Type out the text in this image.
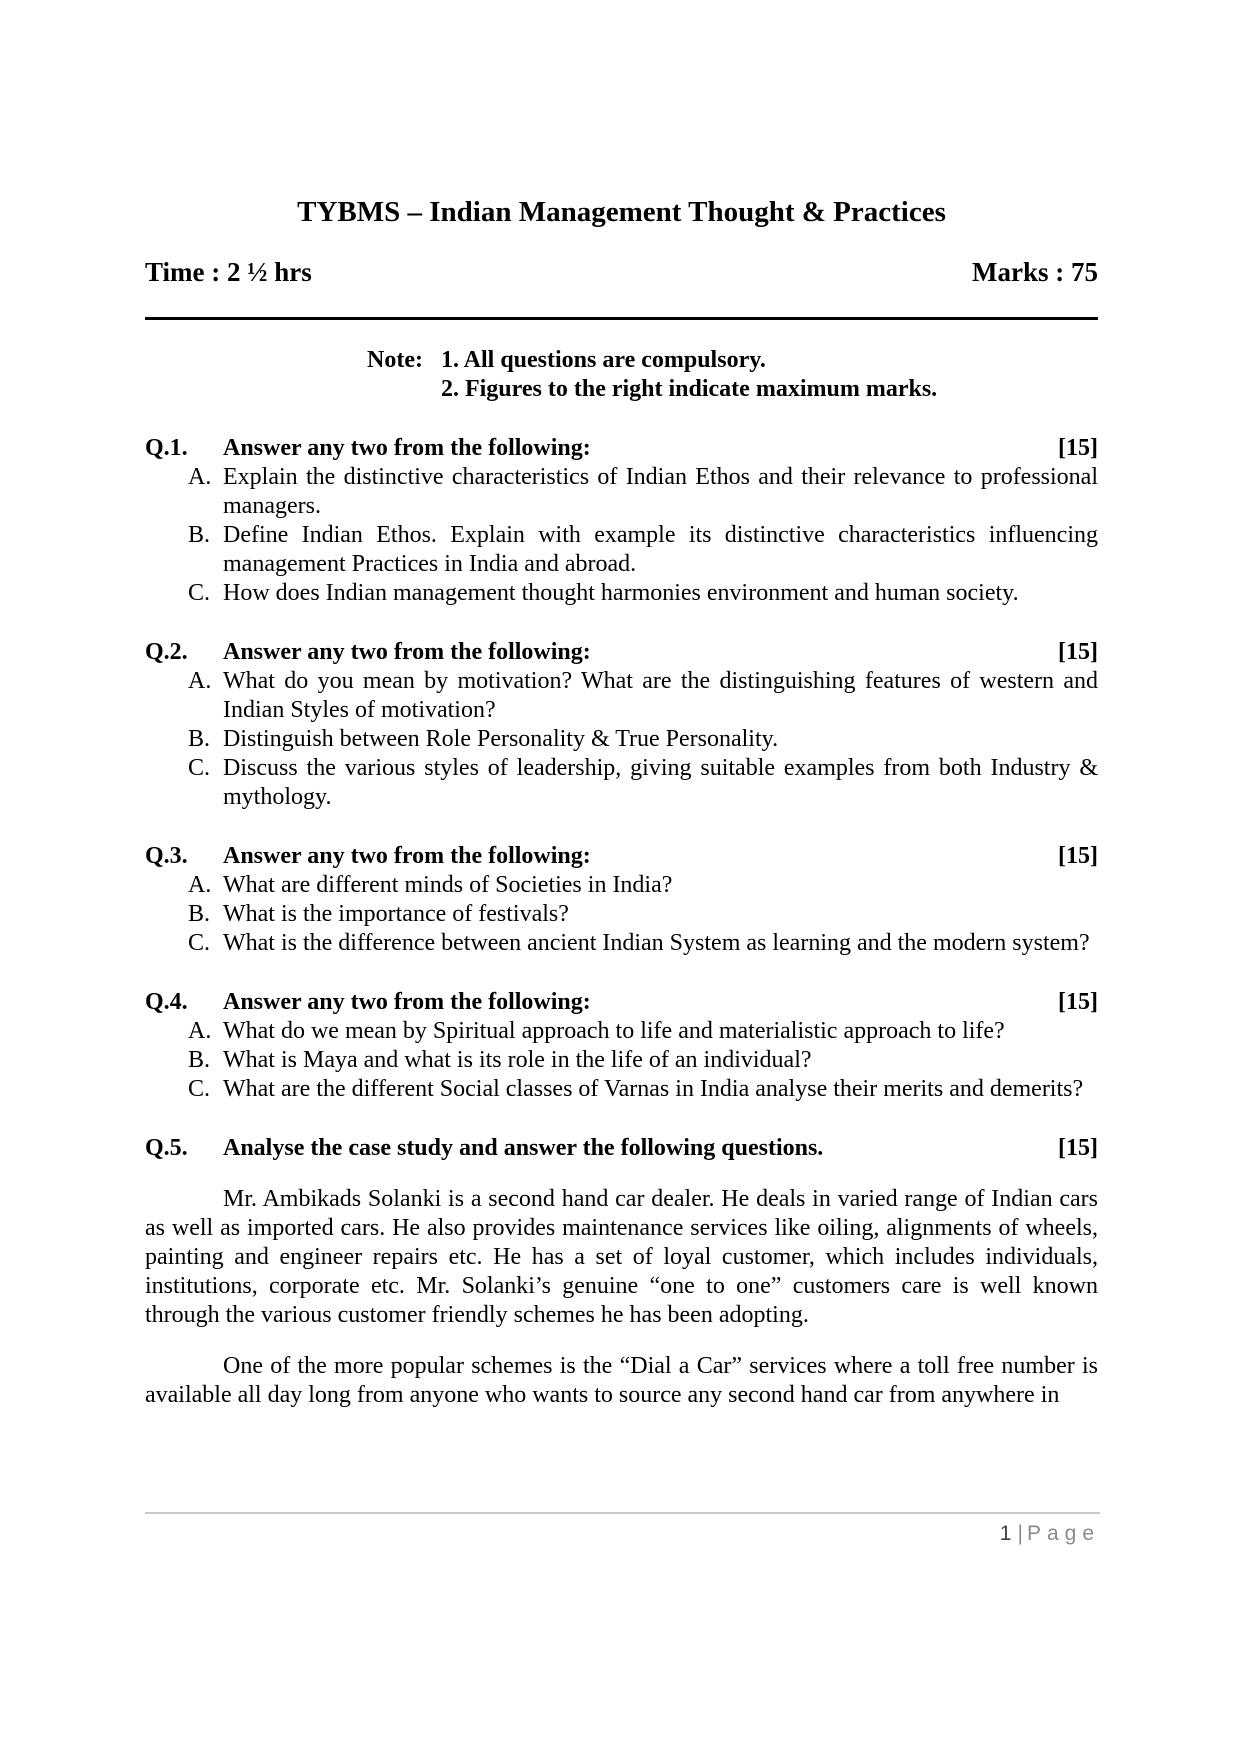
TYBMS – Indian Management Thought & Practices
Time : 2 ½ hrs	Marks : 75
Note: 1. All questions are compulsory.
2. Figures to the right indicate maximum marks.
Q.1.	Answer any two from the following:	[15]
A. Explain the distinctive characteristics of Indian Ethos and their relevance to professional managers.
B. Define Indian Ethos. Explain with example its distinctive characteristics influencing management Practices in India and abroad.
C. How does Indian management thought harmonies environment and human society.
Q.2.	Answer any two from the following:	[15]
A. What do you mean by motivation? What are the distinguishing features of western and Indian Styles of motivation?
B. Distinguish between Role Personality & True Personality.
C. Discuss the various styles of leadership, giving suitable examples from both Industry & mythology.
Q.3.	Answer any two from the following:	[15]
A. What are different minds of Societies in India?
B. What is the importance of festivals?
C. What is the difference between ancient Indian System as learning and the modern system?
Q.4.	Answer any two from the following:	[15]
A. What do we mean by Spiritual approach to life and materialistic approach to life?
B. What is Maya and what is its role in the life of an individual?
C. What are the different Social classes of Varnas in India analyse their merits and demerits?
Q.5.	Analyse the case study and answer the following questions.	[15]

Mr. Ambikads Solanki is a second hand car dealer. He deals in varied range of Indian cars as well as imported cars. He also provides maintenance services like oiling, alignments of wheels, painting and engineer repairs etc. He has a set of loyal customer, which includes individuals, institutions, corporate etc. Mr. Solanki’s genuine “one to one” customers care is well known through the various customer friendly schemes he has been adopting.

One of the more popular schemes is the “Dial a Car” services where a toll free number is available all day long from anyone who wants to source any second hand car from anywhere in

1 | Page
